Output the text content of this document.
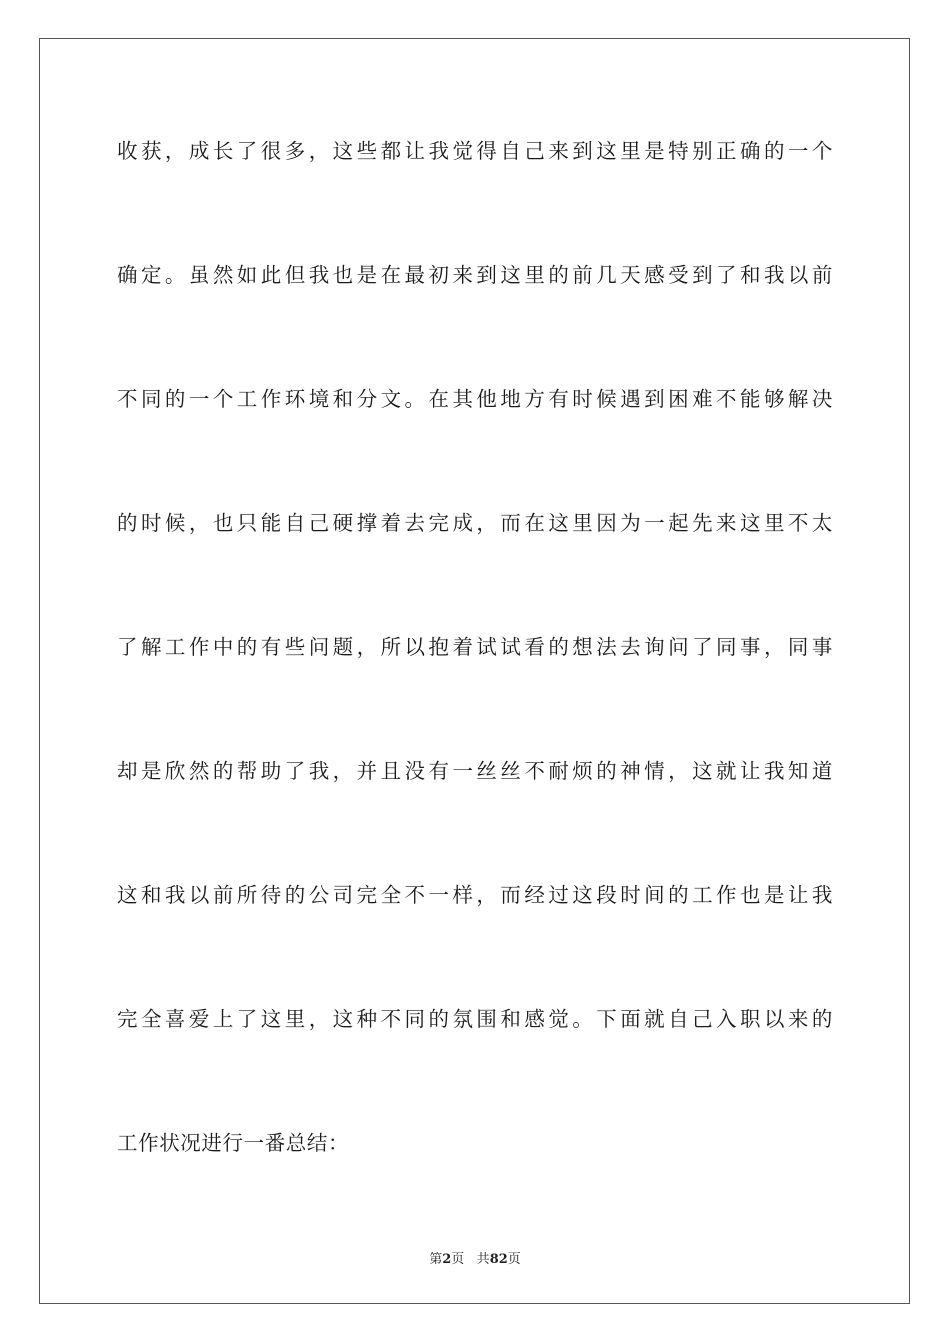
收获，成长了很多，这些都让我觉得自己来到这里是特别正确的一个
确定。虽然如此但我也是在最初来到这里的前几天感受到了和我以前
不同的一个工作环境和分文。在其他地方有时候遇到困难不能够解决
的时候，也只能自己硬撑着去完成，而在这里因为一起先来这里不太
了解工作中的有些问题，所以抱着试试看的想法去询问了同事，同事
却是欣然的帮助了我，并且没有一丝丝不耐烦的神情，这就让我知道
这和我以前所待的公司完全不一样，而经过这段时间的工作也是让我
完全喜爱上了这里，这种不同的氛围和感觉。下面就自己入职以来的
工作状况进行一番总结：
第2页 共82页
